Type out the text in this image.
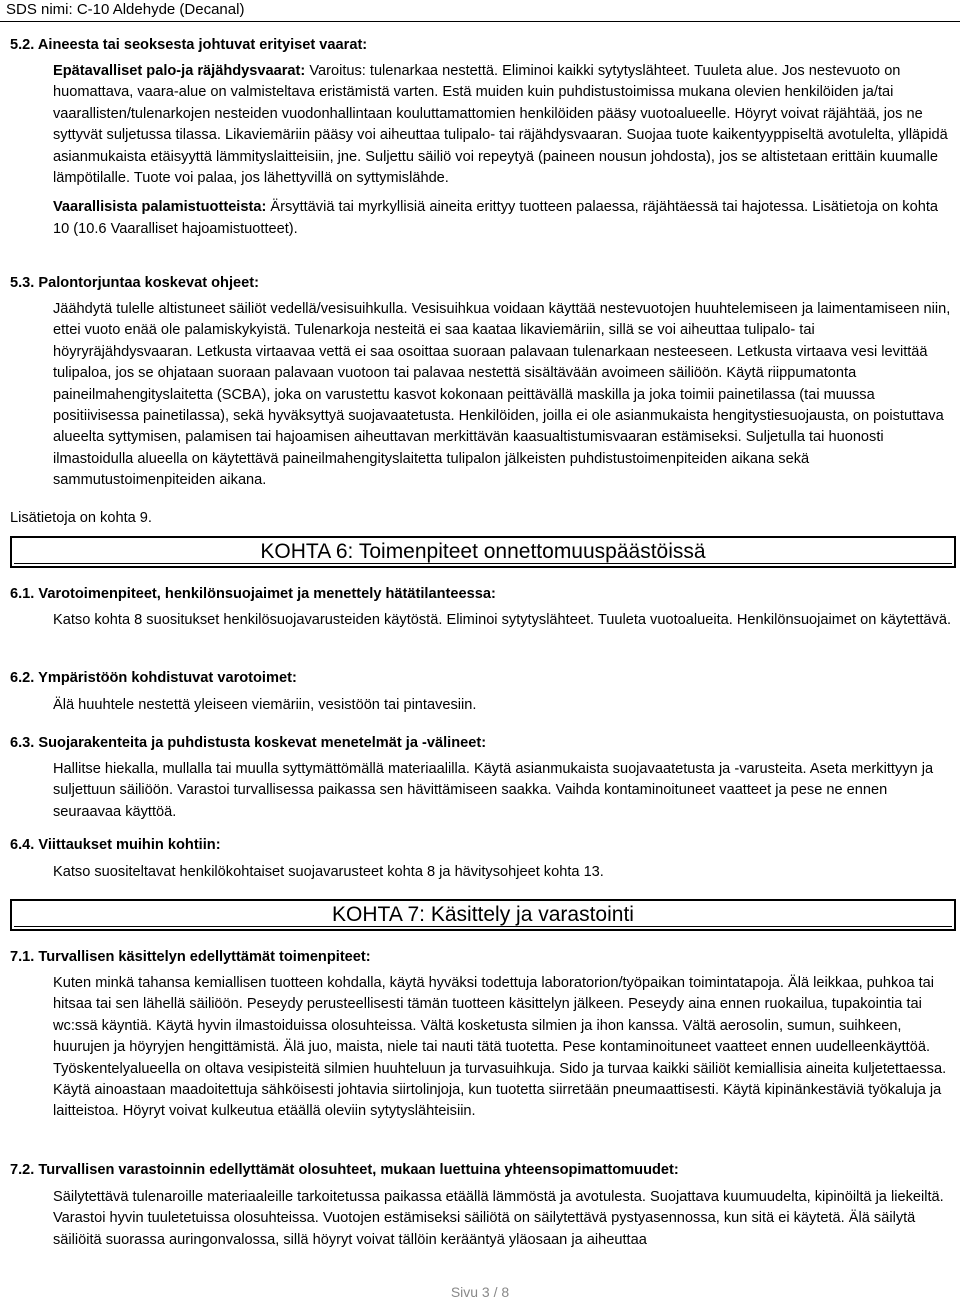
SDS nimi: C-10 Aldehyde (Decanal)
5.2. Aineesta tai seoksesta johtuvat erityiset vaarat:

Epätavalliset palo-ja räjähdysvaarat: Varoitus: tulenarkaa nestettä. Eliminoi kaikki sytytyslähteet. Tuuleta alue. Jos nestevuoto on huomattava, vaara-alue on valmisteltava eristämistä varten. Estä muiden kuin puhdistustoimissa mukana olevien henkilöiden ja/tai vaarallisten/tulenarkojen nesteiden vuodonhallintaan kouluttamattomien henkilöiden pääsy vuotoalueelle. Höyryt voivat räjähtää, jos ne syttyvät suljetussa tilassa. Likaviemäriin pääsy voi aiheuttaa tulipalo- tai räjähdysvaaran. Suojaa tuote kaikentyyppiseltä avotulelta, ylläpidä asianmukaista etäisyyttä lämmityslaitteisiin, jne. Suljettu säiliö voi repeytyä (paineen nousun johdosta), jos se altistetaan erittäin kuumalle lämpötilalle. Tuote voi palaa, jos lähettyvillä on syttymislähde.

Vaarallisista palamistuotteista: Ärsyttäviä tai myrkyllisiä aineita erittyy tuotteen palaessa, räjähtäessä tai hajotessa. Lisätietoja on kohta 10 (10.6 Vaaralliset hajoamistuotteet).

5.3. Palontorjuntaa koskevat ohjeet:
Jäähdytä tulelle altistuneet säiliöt vedellä/vesisuihkulla. Vesisuihkua voidaan käyttää nestevuotojen huuhtelemiseen ja laimentamiseen niin, ettei vuoto enää ole palamiskykyistä. Tulenarkoja nesteitä ei saa kaataa likaviemäriin, sillä se voi aiheuttaa tulipalo- tai höyryräjähdysvaaran. Letkusta virtaavaa vettä ei saa osoittaa suoraan palavaan tulenarkaan nesteeseen. Letkusta virtaava vesi levittää tulipaloa, jos se ohjataan suoraan palavaan vuotoon tai palavaa nestettä sisältävään avoimeen säiliöön. Käytä riippumatonta paineilmahengityslaitetta (SCBA), joka on varustettu kasvot kokonaan peittävällä maskilla ja joka toimii painetilassa (tai muussa positiivisessa painetilassa), sekä hyväksyttyä suojavaatetusta. Henkilöiden, joilla ei ole asianmukaista hengitystiesuojausta, on poistuttava alueelta syttymisen, palamisen tai hajoamisen aiheuttavan merkittävän kaasualtistumisvaaran estämiseksi. Suljetulla tai huonosti ilmastoidulla alueella on käytettävä paineilmahengityslaitetta tulipalon jälkeisten puhdistustoimenpiteiden aikana sekä sammutustoimenpiteiden aikana.
Lisätietoja on kohta 9.
KOHTA 6: Toimenpiteet onnettomuuspäästöissä
6.1. Varotoimenpiteet, henkilönsuojaimet ja menettely hätätilanteessa:
Katso kohta 8 suositukset henkilösuojavarusteiden käytöstä. Eliminoi sytytyslähteet. Tuuleta vuotoalueita. Henkilönsuojaimet on käytettävä.
6.2. Ympäristöön kohdistuvat varotoimet:
Älä huuhtele nestettä yleiseen viemäriin, vesistöön tai pintavesiin.
6.3. Suojarakenteita ja puhdistusta koskevat menetelmät ja -välineet:
Hallitse hiekalla, mullalla tai muulla syttymättömällä materiaalilla. Käytä asianmukaista suojavaatetusta ja -varusteita. Aseta merkittyyn ja suljettuun säiliöön. Varastoi turvallisessa paikassa sen hävittämiseen saakka. Vaihda kontaminoituneet vaatteet ja pese ne ennen seuraavaa käyttöä.
6.4. Viittaukset muihin kohtiin:
Katso suositeltavat henkilökohtaiset suojavarusteet kohta 8 ja hävitysohjeet kohta 13.
KOHTA 7: Käsittely ja varastointi
7.1. Turvallisen käsittelyn edellyttämät toimenpiteet:
Kuten minkä tahansa kemiallisen tuotteen kohdalla, käytä hyväksi todettuja laboratorion/työpaikan toimintatapoja. Älä leikkaa, puhkoa tai hitsaa tai sen lähellä säiliöön. Peseydy perusteellisesti tämän tuotteen käsittelyn jälkeen. Peseydy aina ennen ruokailua, tupakointia tai wc:ssä käyntiä. Käytä hyvin ilmastoiduissa olosuhteissa. Vältä kosketusta silmien ja ihon kanssa. Vältä aerosolin, sumun, suihkeen, huurujen ja höyryjen hengittämistä. Älä juo, maista, niele tai nauti tätä tuotetta. Pese kontaminoituneet vaatteet ennen uudelleenkäyttöä. Työskentelyalueella on oltava vesipisteitä silmien huuhteluun ja turvasuihkuja. Sido ja turvaa kaikki säiliöt kemiallisia aineita kuljetettaessa. Käytä ainoastaan maadoitettuja sähköisesti johtavia siirtolinjoja, kun tuotetta siirretään pneumaattisesti. Käytä kipinänkestäviä työkaluja ja laitteistoa. Höyryt voivat kulkeutua etäällä oleviin sytytyslähteisiin.
7.2. Turvallisen varastoinnin edellyttämät olosuhteet, mukaan luettuina yhteensopimattomuudet:
Säilytettävä tulenaroille materiaaleille tarkoitetussa paikassa etäällä lämmöstä ja avotulesta. Suojattava kuumuudelta, kipinöiltä ja liekeiltä. Varastoi hyvin tuuletetuissa olosuhteissa. Vuotojen estämiseksi säiliötä on säilytettävä pystyasennossa, kun sitä ei käytetä. Älä säilytä säiliöitä suorassa auringonvalossa, sillä höyryt voivat tällöin kerääntyä yläosaan ja aiheuttaa
Sivu 3 / 8
